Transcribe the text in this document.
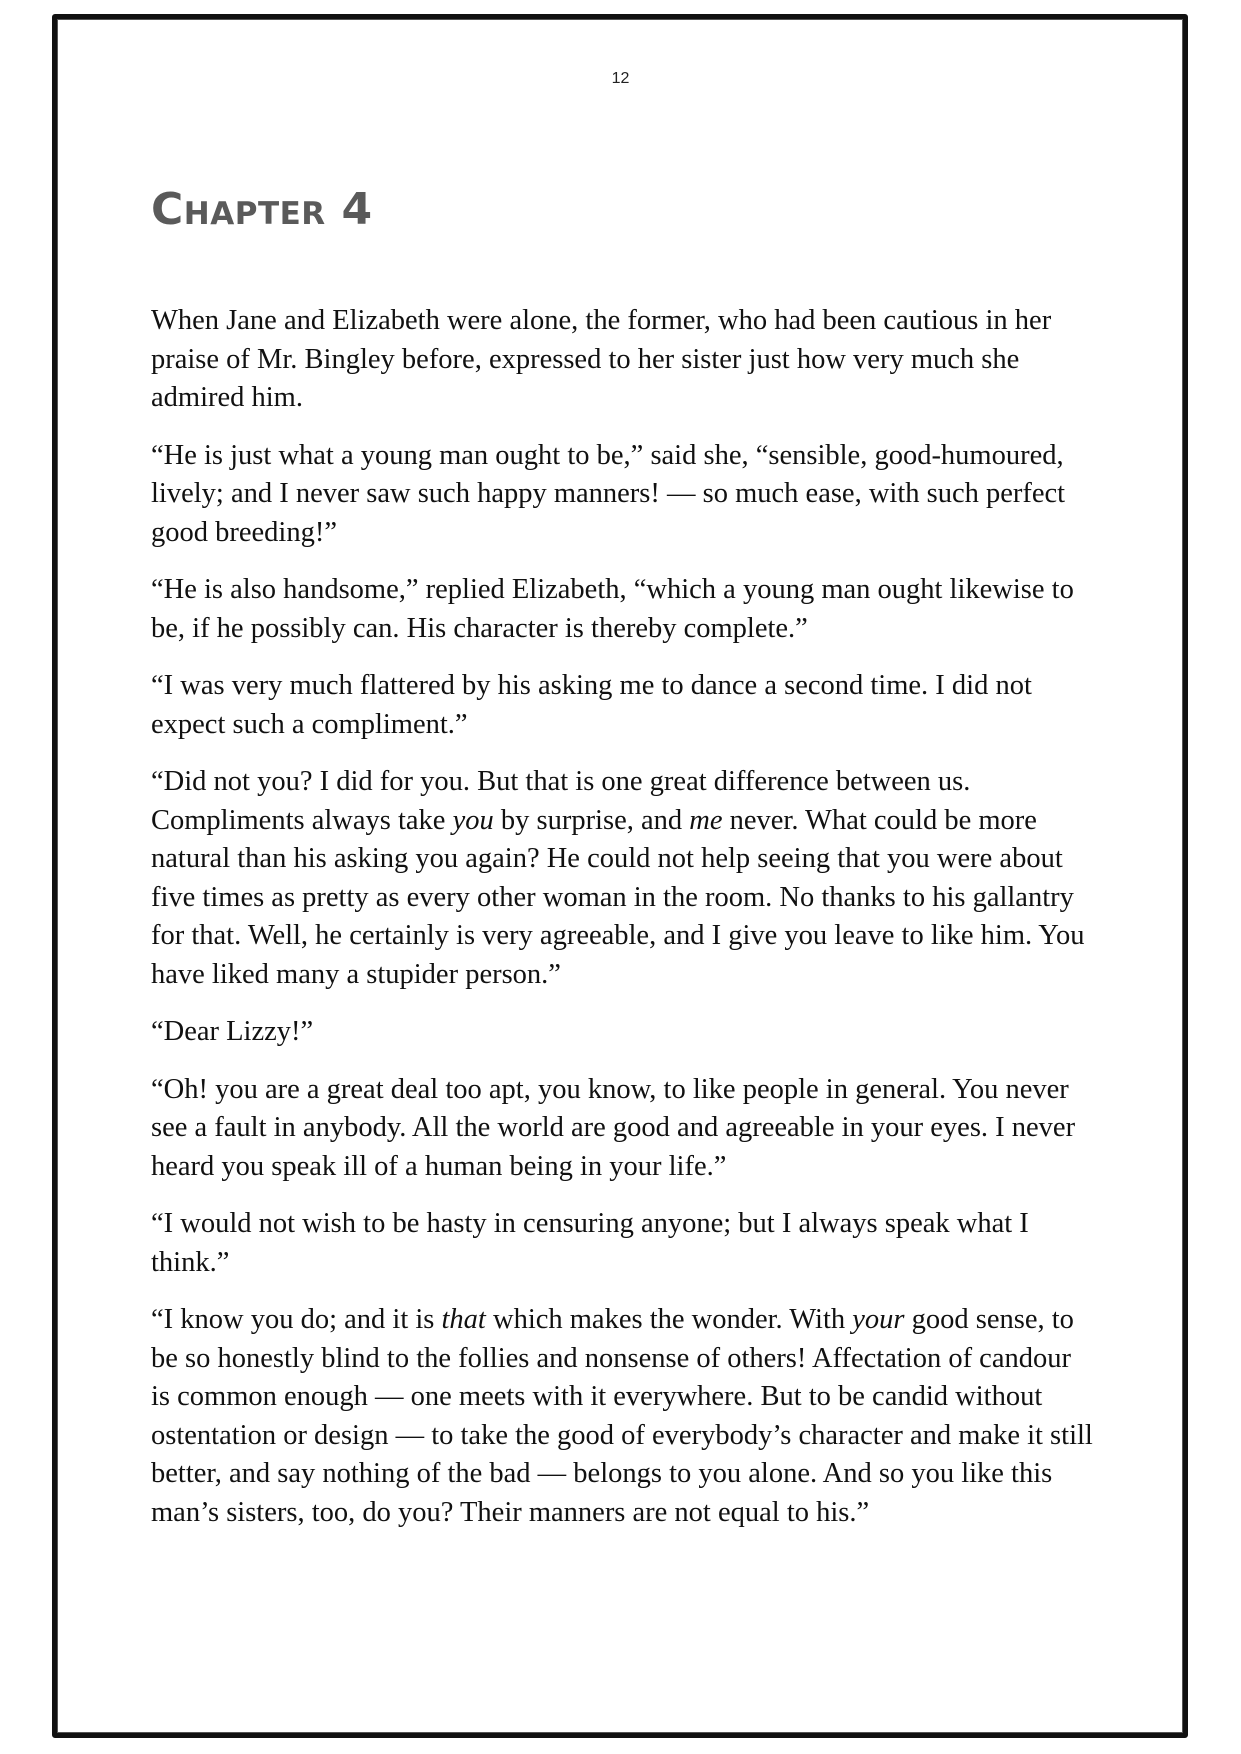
12
Chapter 4

When Jane and Elizabeth were alone, the former, who had been cautious in her praise of Mr. Bingley before, expressed to her sister just how very much she admired him.

“He is just what a young man ought to be,” said she, “sensible, good-humoured, lively; and I never saw such happy manners! — so much ease, with such perfect good breeding!”

“He is also handsome,” replied Elizabeth, “which a young man ought likewise to be, if he possibly can. His character is thereby complete.”

“I was very much flattered by his asking me to dance a second time. I did not expect such a compliment.”

“Did not you? I did for you. But that is one great difference between us. Compliments always take you by surprise, and me never. What could be more natural than his asking you again? He could not help seeing that you were about five times as pretty as every other woman in the room. No thanks to his gallantry for that. Well, he certainly is very agreeable, and I give you leave to like him. You have liked many a stupider person.”

“Dear Lizzy!”

“Oh! you are a great deal too apt, you know, to like people in general. You never see a fault in anybody. All the world are good and agreeable in your eyes. I never heard you speak ill of a human being in your life.”

“I would not wish to be hasty in censuring anyone; but I always speak what I think.”

“I know you do; and it is that which makes the wonder. With your good sense, to be so honestly blind to the follies and nonsense of others! Affectation of candour is common enough — one meets with it everywhere. But to be candid without ostentation or design — to take the good of everybody’s character and make it still better, and say nothing of the bad — belongs to you alone. And so you like this man’s sisters, too, do you? Their manners are not equal to his.”
